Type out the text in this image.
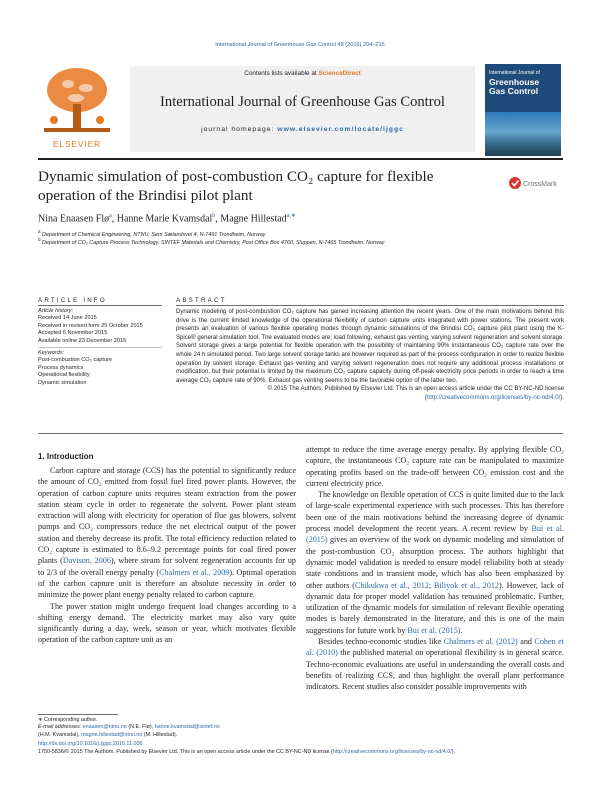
International Journal of Greenhouse Gas Control 48 (2016) 204–215
ELSEVIER
Contents lists available at ScienceDirect
International Journal of Greenhouse Gas Control
journal homepage: www.elsevier.com/locate/ijggc
International Journal of
Greenhouse Gas Control
Dynamic simulation of post-combustion CO₂ capture for flexible
operation of the Brindisi pilot plant
CrossMark
Nina Enaasen Flø$^a$, Hanne Marie Kvamsdal$^b$, Magne Hillestad$^{a,∗}$
$^a$ Department of Chemical Engineering, NTNU, Sem Sælandsvei 4, N-7491 Trondheim, Norway
$^b$ Department of CO₂ Capture Process Technology, SINTEF Materials and Chemistry, Post Office Box 4760, Sluppen, N-7465 Trondheim, Norway
ARTICLE INFO
Article history:
Received 14 June 2015
Received in revised form 25 October 2015
Accepted 6 November 2015
Available online 23 December 2015
Keywords:
Post-combustion CO₂ capture
Process dynamics
Operational flexibility
Dynamic simulation
ABSTRACT
Dynamic modeling of post-combustion CO₂ capture has gained increasing attention the recent years. One of the main motivations behind this drive is the current limited knowledge of the operational flexibility of carbon capture units integrated with power stations. The present work presents an evaluation of various flexible operating modes through dynamic simulations of the Brindisi CO₂ capture pilot plant using the K-Spice® general simulation tool. The evaluated modes are; load following, exhaust gas venting, varying solvent regeneration and solvent storage. Solvent storage gives a large potential for flexible operation with the possibility of maintaining 90% instantaneous CO₂ capture rate over the whole 24 h simulated period. Two large solvent storage tanks are however required as part of the process configuration in order to realize flexible operation by solvent storage. Exhaust gas venting and varying solvent regeneration does not require any additional process installations or modification, but their potential is limited by the maximum CO₂ capture capacity during off-peak electricity price periods in order to reach a time average CO₂ capture rate of 90%. Exhaust gas venting seems to be the favorable option of the latter two.
© 2015 The Authors. Published by Elsevier Ltd. This is an open access article under the CC BY-NC-ND license (http://creativecommons.org/licenses/by-nc-nd/4.0/).
1. Introduction

Carbon capture and storage (CCS) has the potential to significantly reduce the amount of CO₂ emitted from fossil fuel fired power plants. However, the operation of carbon capture units requires steam extraction from the power station steam cycle in order to regenerate the solvent. Power plant steam extraction will along with electricity for operation of flue gas blowers, solvent pumps and CO₂ compressors reduce the net electrical output of the power station and thereby decrease its profit. The total efficiency reduction related to CO₂ capture is estimated to 8.6–9.2 percentage points for coal fired power plants (Davison, 2006), where steam for solvent regeneration accounts for up to 2/3 of the overall energy penalty (Chalmers et al., 2009). Optimal operation of the carbon capture unit is therefore an absolute necessity in order to minimize the power plant energy penalty related to carbon capture.

The power station might undergo frequent load changes according to a shifting energy demand. The electricity market may also vary quite significantly during a day, week, season or year, which motivates flexible operation of the carbon capture unit as an

attempt to reduce the time average energy penalty. By applying flexible CO₂ capture, the instantaneous CO₂ capture rate can be manipulated to maximize operating profits based on the trade-off between CO₂ emission cost and the current electricity price.

The knowledge on flexible operation of CCS is quite limited due to the lack of large-scale experimental experience with such processes. This has therefore been one of the main motivations behind the increasing degree of dynamic process model development the recent years. A recent review by Bui et al. (2015) gives an overview of the work on dynamic modeling and simulation of the post-combustion CO₂ absorption process. The authors highlight that dynamic model validation is needed to ensure model reliability both at steady state conditions and in transient mode, which has also been emphasized by other authors (Chikukwa et al., 2012; Biliyok et al., 2012). However, lack of dynamic data for proper model validation has remained problematic. Further, utilization of the dynamic models for simulation of relevant flexible operating modes is barely demonstrated in the literature, and this is one of the main suggestions for future work by Bui et al. (2015).

Besides techno-economic studies like Chalmers et al. (2012) and Cohen et al. (2010) the published material on operational flexibility is in general scarce. Techno-economic evaluations are useful in understanding the overall costs and benefits of realizing CCS, and thus highlight the overall plant performance indicators. Recent studies also consider possible improvements with

∗ Corresponding author.
E-mail addresses: enaasen@ntnu.no (N.E. Flø), hanne.kvamsdal@sintef.no
(H.M. Kvamsdal), magne.hillestad@ntnu.no (M. Hillestad).
http://dx.doi.org/10.1016/j.ijggc.2015.11.006
1750-5836/© 2015 The Authors. Published by Elsevier Ltd. This is an open access article under the CC BY-NC-ND license (http://creativecommons.org/licenses/by-nc-nd/4.0/).
